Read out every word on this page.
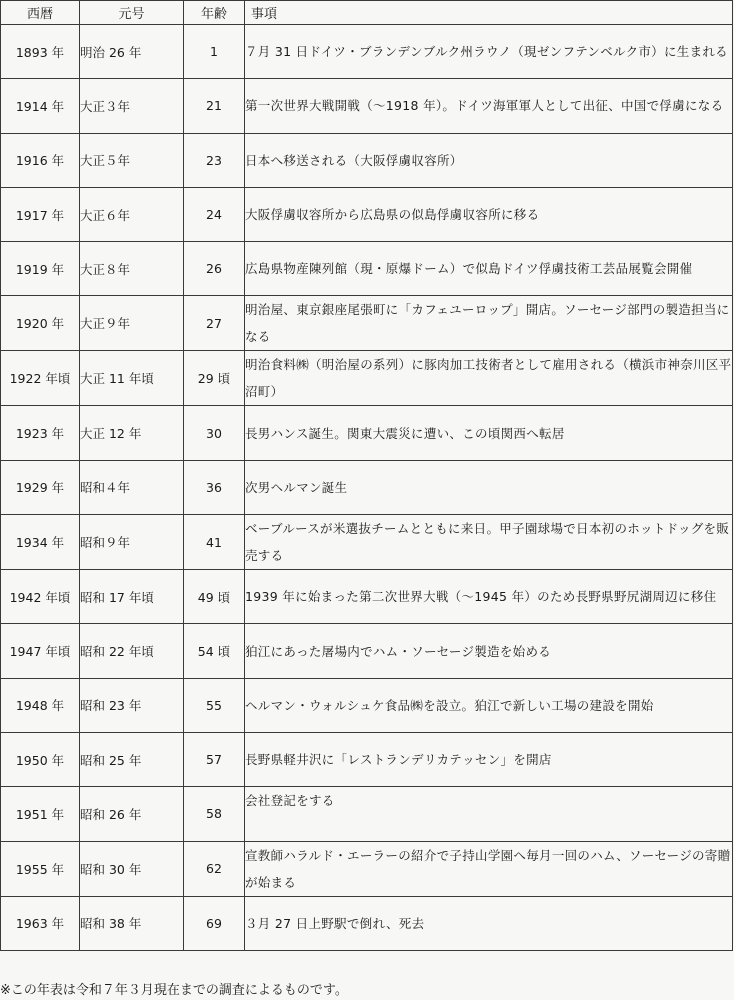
西暦	元号	年齢	事項
1893 年	明治 26 年	1	７月 31 日ドイツ・ブランデンブルク州ラウノ（現ゼンフテンベルク市）に生まれる
1914 年	大正３年	21	第一次世界大戦開戦（～1918 年）。ドイツ海軍軍人として出征、中国で俘虜になる
1916 年	大正５年	23	日本へ移送される（大阪俘虜収容所）
1917 年	大正６年	24	大阪俘虜収容所から広島県の似島俘虜収容所に移る
1919 年	大正８年	26	広島県物産陳列館（現・原爆ドーム）で似島ドイツ俘虜技術工芸品展覧会開催
1920 年	大正９年	27	明治屋、東京銀座尾張町に「カフェユーロップ」開店。ソーセージ部門の製造担当になる
1922 年頃	大正 11 年頃	29 頃	明治食料㈱（明治屋の系列）に豚肉加工技術者として雇用される（横浜市神奈川区平沼町）
1923 年	大正 12 年	30	長男ハンス誕生。関東大震災に遭い、この頃関西へ転居
1929 年	昭和４年	36	次男ヘルマン誕生
1934 年	昭和９年	41	ベーブルースが米選抜チームとともに来日。甲子園球場で日本初のホットドッグを販売する
1942 年頃	昭和 17 年頃	49 頃	1939 年に始まった第二次世界大戦（～1945 年）のため長野県野尻湖周辺に移住
1947 年頃	昭和 22 年頃	54 頃	狛江にあった屠場内でハム・ソーセージ製造を始める
1948 年	昭和 23 年	55	ヘルマン・ウォルシュケ食品㈱を設立。狛江で新しい工場の建設を開始
1950 年	昭和 25 年	57	長野県軽井沢に「レストランデリカテッセン」を開店
1951 年	昭和 26 年	58	会社登記をする
1955 年	昭和 30 年	62	宣教師ハラルド・エーラーの紹介で子持山学園へ毎月一回のハム、ソーセージの寄贈が始まる
1963 年	昭和 38 年	69	３月 27 日上野駅で倒れ、死去
※この年表は令和７年３月現在までの調査によるものです。
